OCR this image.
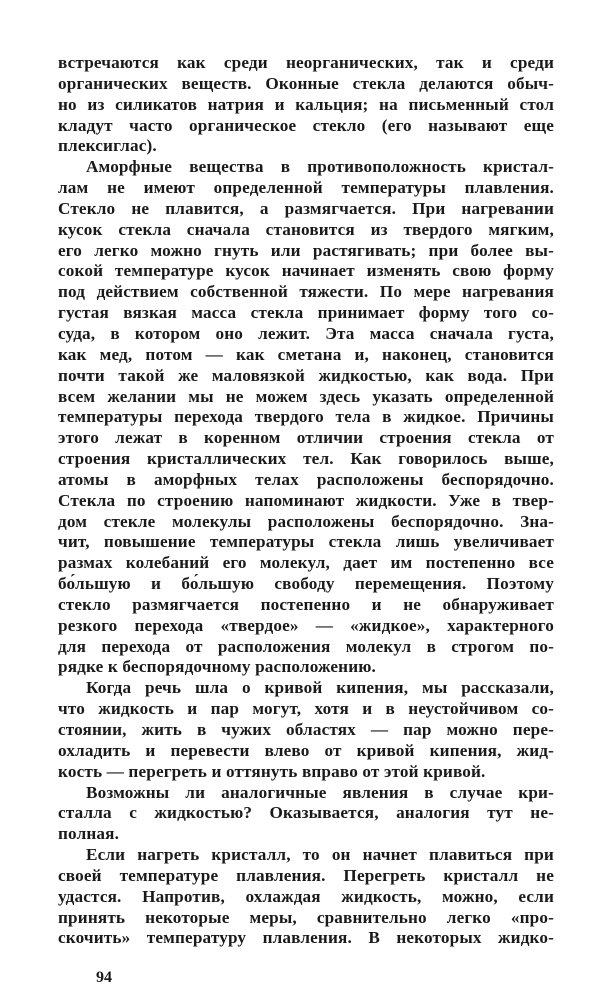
встречаются как среди неорганических, так и среди
органических веществ. Оконные стекла делаются обыч-
но из силикатов натрия и кальция; на письменный стол
кладут часто органическое стекло (его называют еще
плексиглас).
Аморфные вещества в противоположность кристал-
лам не имеют определенной температуры плавления.
Стекло не плавится, а размягчается. При нагревании
кусок стекла сначала становится из твердого мягким,
его легко можно гнуть или растягивать; при более вы-
сокой температуре кусок начинает изменять свою форму
под действием собственной тяжести. По мере нагревания
густая вязкая масса стекла принимает форму того со-
суда, в котором оно лежит. Эта масса сначала густа,
как мед, потом — как сметана и, наконец, становится
почти такой же маловязкой жидкостью, как вода. При
всем желании мы не можем здесь указать определенной
температуры перехода твердого тела в жидкое. Причины
этого лежат в коренном отличии строения стекла от
строения кристаллических тел. Как говорилось выше,
атомы в аморфных телах расположены беспорядочно.
Стекла по строению напоминают жидкости. Уже в твер-
дом стекле молекулы расположены беспорядочно. Зна-
чит, повышение температуры стекла лишь увеличивает
размах колебаний его молекул, дает им постепенно все
бо́льшую и бо́льшую свободу перемещения. Поэтому
стекло размягчается постепенно и не обнаруживает
резкого перехода «твердое» — «жидкое», характерного
для перехода от расположения молекул в строгом по-
рядке к беспорядочному расположению.
Когда речь шла о кривой кипения, мы рассказали,
что жидкость и пар могут, хотя и в неустойчивом со-
стоянии, жить в чужих областях — пар можно пере-
охладить и перевести влево от кривой кипения, жид-
кость — перегреть и оттянуть вправо от этой кривой.
Возможны ли аналогичные явления в случае кри-
сталла с жидкостью? Оказывается, аналогия тут не-
полная.
Если нагреть кристалл, то он начнет плавиться при
своей температуре плавления. Перегреть кристалл не
удастся. Напротив, охлаждая жидкость, можно, если
принять некоторые меры, сравнительно легко «про-
скочить» температуру плавления. В некоторых жидко-
94
